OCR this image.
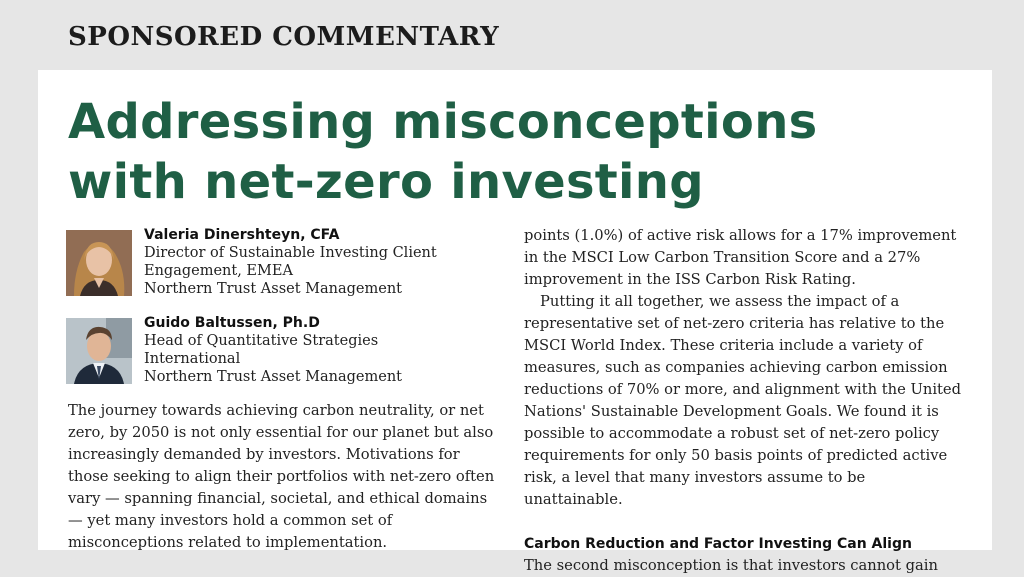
SPONSORED COMMENTARY
Addressing misconceptions with net-zero investing
Valeria Dinershteyn, CFA
Director of Sustainable Investing Client Engagement, EMEA
Northern Trust Asset Management
Guido Baltussen, Ph.D
Head of Quantitative Strategies International
Northern Trust Asset Management

The journey towards achieving carbon neutrality, or net zero, by 2050 is not only essential for our planet but also increasingly demanded by investors. Motivations for those seeking to align their portfolios with net-zero often vary — spanning financial, societal, and ethical domains — yet many investors hold a common set of misconceptions related to implementation.

points (1.0%) of active risk allows for a 17% improvement in the MSCI Low Carbon Transition Score and a 27% improvement in the ISS Carbon Risk Rating.

Putting it all together, we assess the impact of a representative set of net-zero criteria has relative to the MSCI World Index. These criteria include a variety of measures, such as companies achieving carbon emission reductions of 70% or more, and alignment with the United Nations' Sustainable Development Goals. We found it is possible to accommodate a robust set of net-zero policy requirements for only 50 basis points of predicted active risk, a level that many investors assume to be unattainable.

Carbon Reduction and Factor Investing Can Align

The second misconception is that investors cannot gain
